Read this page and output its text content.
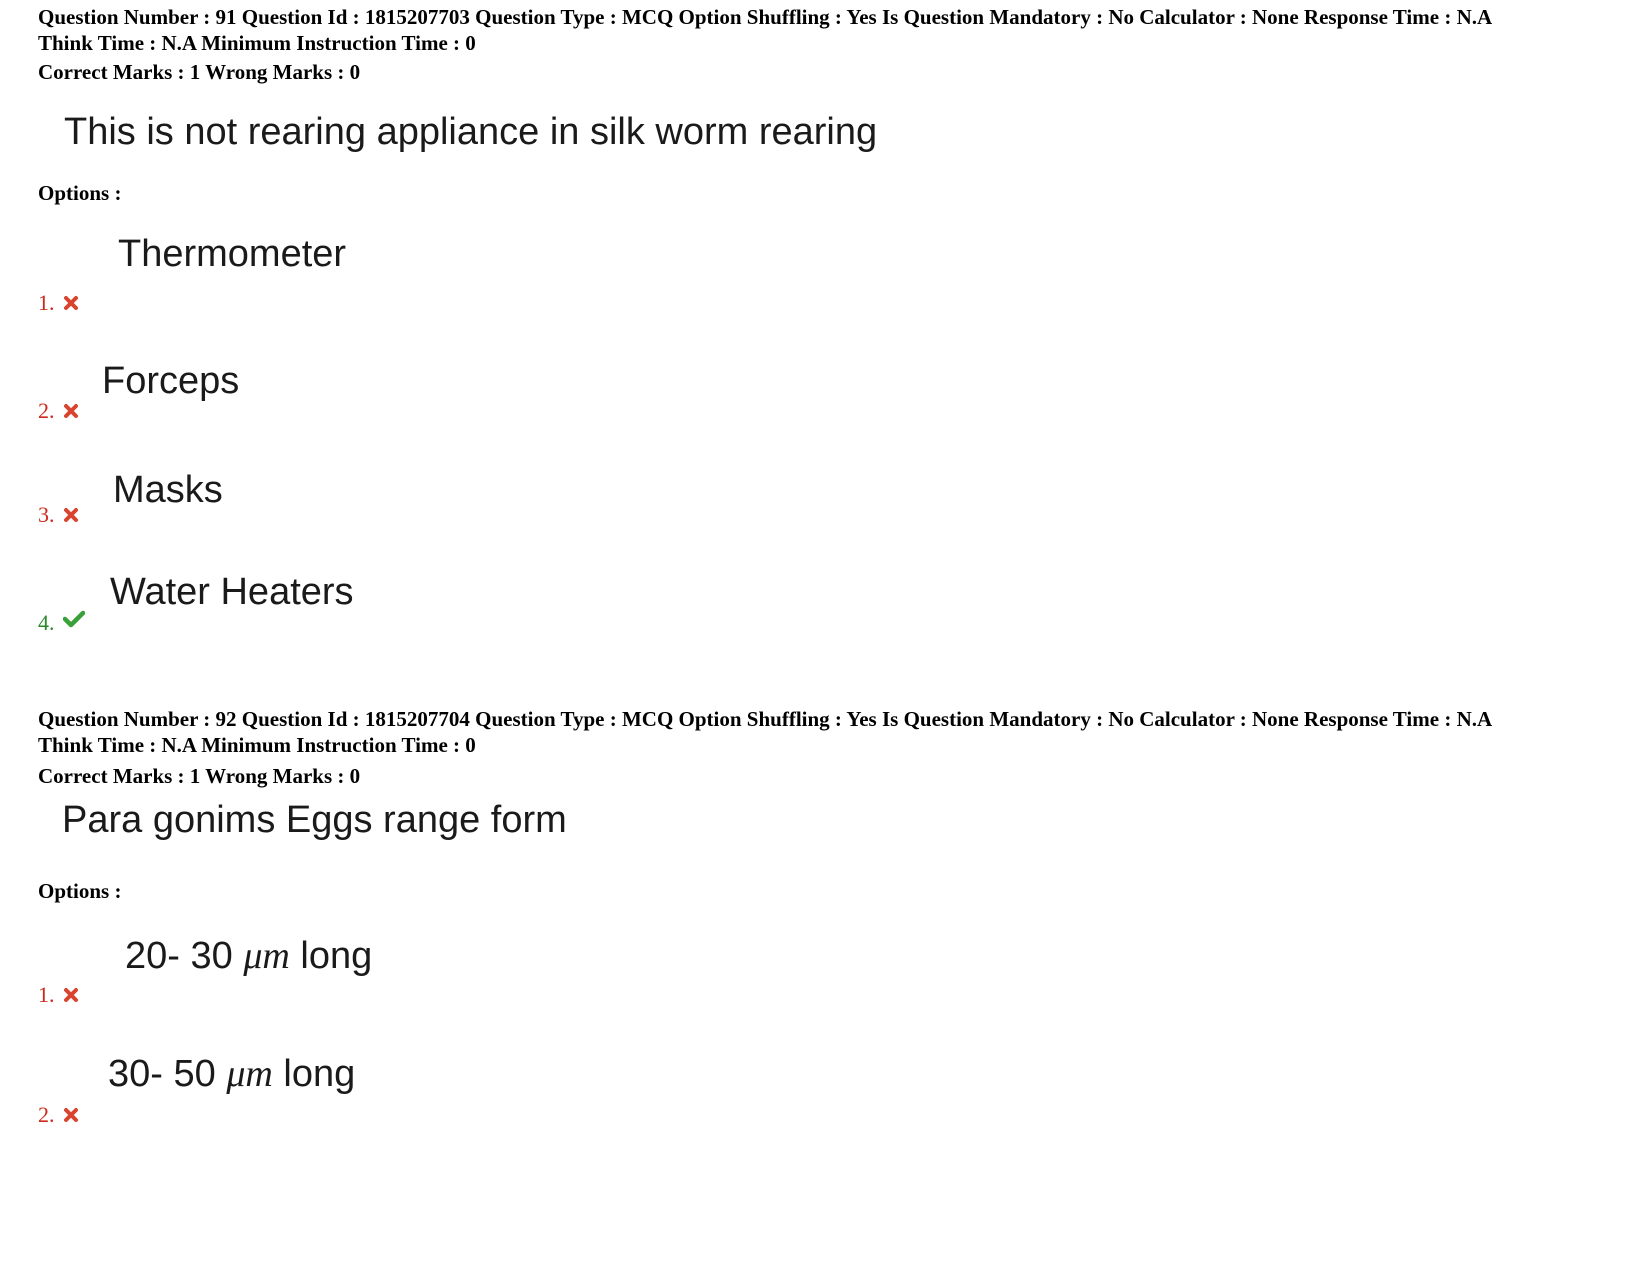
Question Number : 91 Question Id : 1815207703 Question Type : MCQ Option Shuffling : Yes Is Question Mandatory : No Calculator : None Response Time : N.A
Think Time : N.A Minimum Instruction Time : 0
Correct Marks : 1 Wrong Marks : 0
This is not rearing appliance in silk worm rearing
Options :
Thermometer
1.
Forceps
2.
Masks
3.
Water Heaters
4.
Question Number : 92 Question Id : 1815207704 Question Type : MCQ Option Shuffling : Yes Is Question Mandatory : No Calculator : None Response Time : N.A
Think Time : N.A Minimum Instruction Time : 0
Correct Marks : 1 Wrong Marks : 0
Para gonims Eggs range form
Options :
20- 30 μm long
1.
30- 50 μm long
2.
